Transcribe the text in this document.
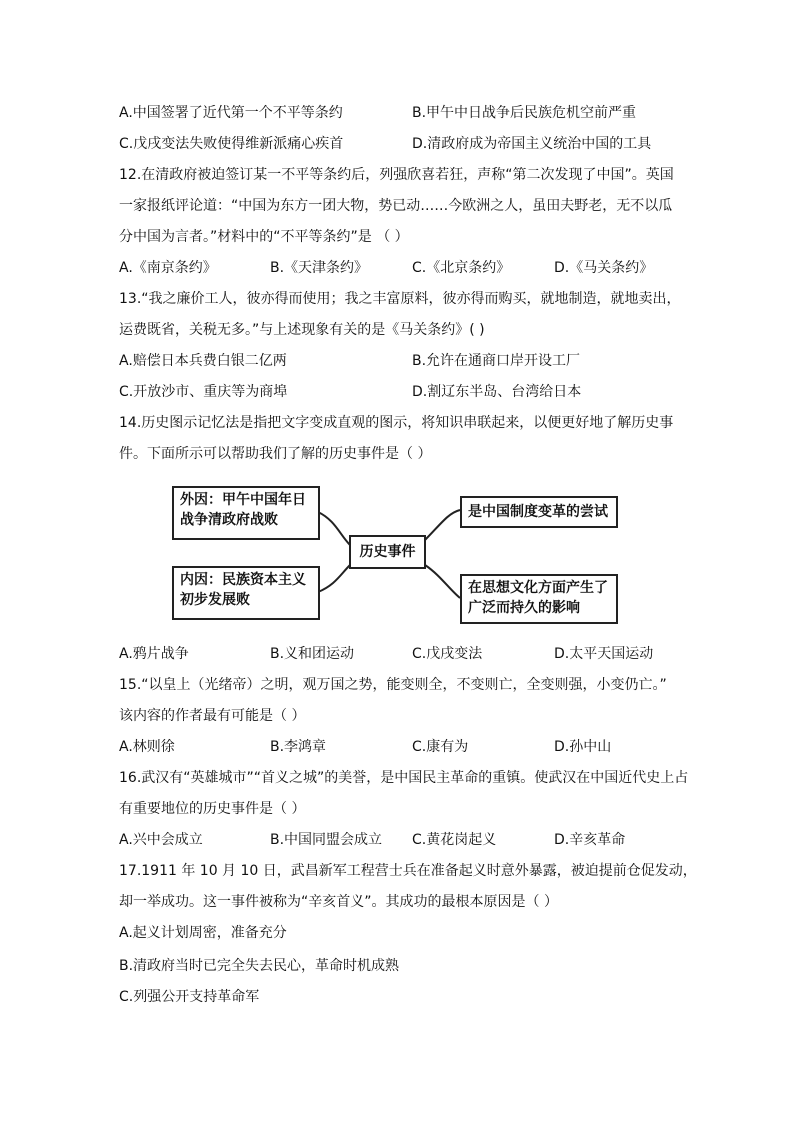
A.中国签署了近代第一个不平等条约	B.甲午中日战争后民族危机空前严重
C.戊戌变法失败使得维新派痛心疾首	D.清政府成为帝国主义统治中国的工具
12.在清政府被迫签订某一不平等条约后，列强欣喜若狂，声称“第二次发现了中国”。英国
一家报纸评论道：“中国为东方一团大物，势已动……今欧洲之人，虽田夫野老，无不以瓜
分中国为言者。”材料中的“不平等条约”是 （ ）
A.《南京条约》	B.《天津条约》	C.《北京条约》	D.《马关条约》
13.“我之廉价工人，彼亦得而使用；我之丰富原料，彼亦得而购买，就地制造，就地卖出，
运费既省，关税无多。”与上述现象有关的是《马关条约》( )
A.赔偿日本兵费白银二亿两	B.允许在通商口岸开设工厂
C.开放沙市、重庆等为商埠	D.割辽东半岛、台湾给日本
14.历史图示记忆法是指把文字变成直观的图示，将知识串联起来，以便更好地了解历史事
件。下面所示可以帮助我们了解的历史事件是（ ）
外因：甲午中国年日
战争清政府战败
内因：民族资本主义
初步发展败
历史事件
是中国制度变革的尝试
在思想文化方面产生了
广泛而持久的影响
A.鸦片战争	B.义和团运动	C.戊戌变法	D.太平天国运动
15.“以皇上（光绪帝）之明，观万国之势，能变则全，不变则亡，全变则强，小变仍亡。”
该内容的作者最有可能是（ ）
A.林则徐	B.李鸿章	C.康有为	D.孙中山
16.武汉有“英雄城市”“首义之城”的美誉，是中国民主革命的重镇。使武汉在中国近代史上占
有重要地位的历史事件是（ ）
A.兴中会成立	B.中国同盟会成立 C.黄花岗起义	D.辛亥革命
17.1911 年 10 月 10 日，武昌新军工程营士兵在准备起义时意外暴露，被迫提前仓促发动，
却一举成功。这一事件被称为“辛亥首义”。其成功的最根本原因是（ ）
A.起义计划周密，准备充分
B.清政府当时已完全失去民心，革命时机成熟
C.列强公开支持革命军
